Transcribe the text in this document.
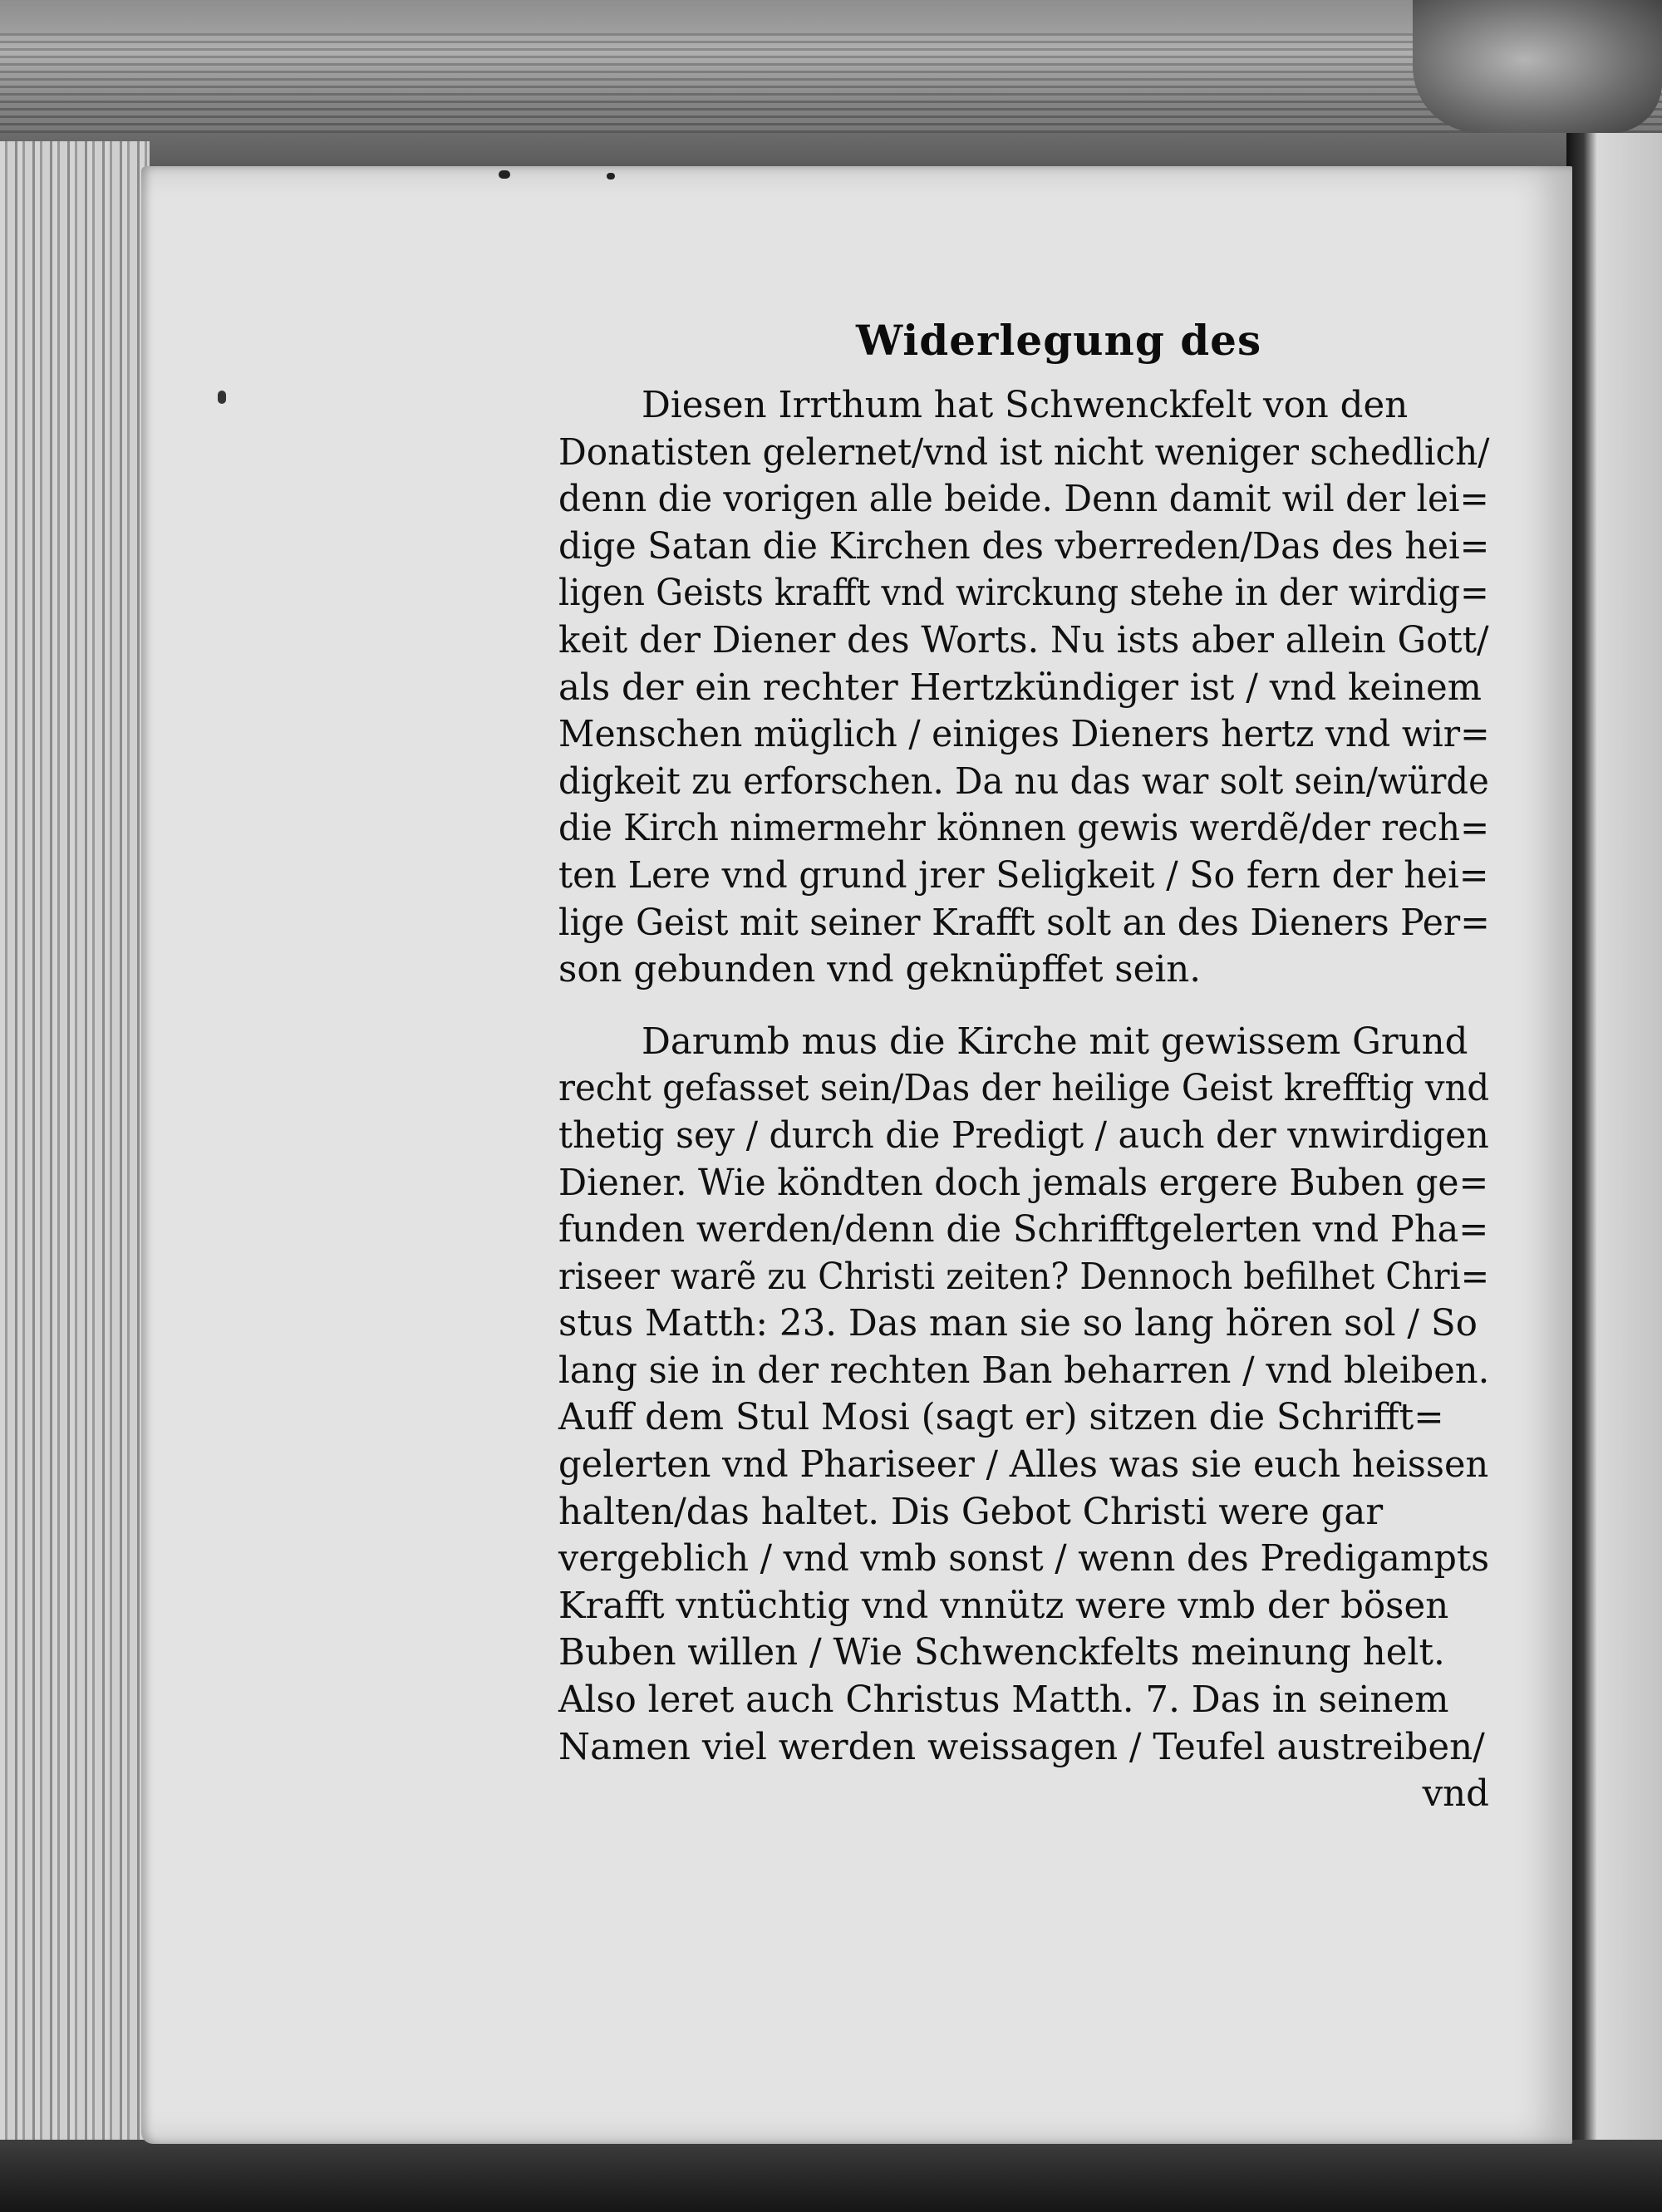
Widerlegung des
Diesen Irrthum hat Schwenckfelt von den
Donatisten gelernet/vnd ist nicht weniger schedlich/
denn die vorigen alle beide. Denn damit wil der lei=
dige Satan die Kirchen des vberreden/Das des hei=
ligen Geists krafft vnd wirckung stehe in der wirdig=
keit der Diener des Worts. Nu ists aber allein Gott/
als der ein rechter Hertzkündiger ist / vnd keinem
Menschen müglich / einiges Dieners hertz vnd wir=
digkeit zu erforschen. Da nu das war solt sein/würde
die Kirch nimermehr können gewis werdẽ/der rech=
ten Lere vnd grund jrer Seligkeit / So fern der hei=
lige Geist mit seiner Krafft solt an des Dieners Per=
son gebunden vnd geknüpffet sein.
Darumb mus die Kirche mit gewissem Grund
recht gefasset sein/Das der heilige Geist krefftig vnd
thetig sey / durch die Predigt / auch der vnwirdigen
Diener. Wie köndten doch jemals ergere Buben ge=
funden werden/denn die Schrifftgelerten vnd Pha=
riseer warẽ zu Christi zeiten? Dennoch befilhet Chri=
stus Matth: 23. Das man sie so lang hören sol / So
lang sie in der rechten Ban beharren / vnd bleiben.
Auff dem Stul Mosi (sagt er) sitzen die Schrifft=
gelerten vnd Phariseer / Alles was sie euch heissen
halten/das haltet. Dis Gebot Christi were gar
vergeblich / vnd vmb sonst / wenn des Predigampts
Krafft vntüchtig vnd vnnütz were vmb der bösen
Buben willen / Wie Schwenckfelts meinung helt.
Also leret auch Christus Matth. 7. Das in seinem
Namen viel werden weissagen / Teufel austreiben/
vnd
